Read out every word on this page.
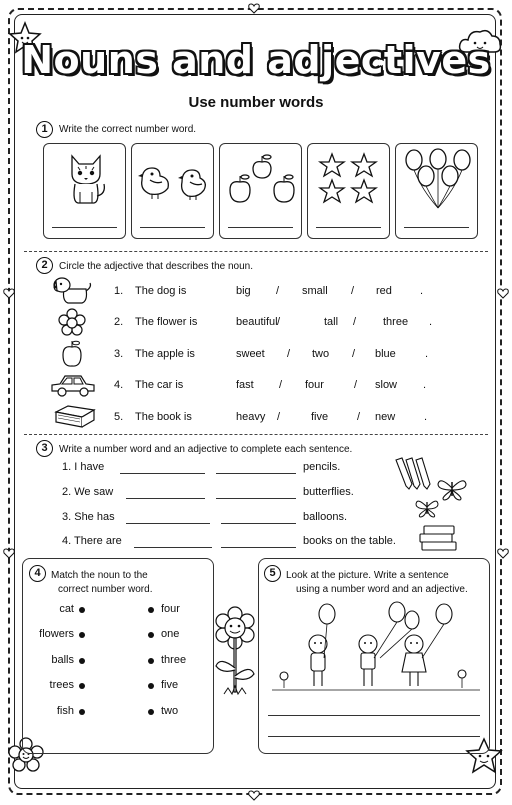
Nouns and adjectives
Use number words
1	Write the correct number word.
2	Circle the adjective that describes the noun.
1. The dog is	big / small / red	.
2. The flower is	beautiful /	tall / three .
3. The apple is	sweet / two / blue	.
4. The car is	fast / four	/ slow .
5. The book is	heavy /	five	/ new	.
3	Write a number word and an adjective to complete each sentence.
1. I have	pencils.
2. We saw	butterflies.
3. She has	balloons.
4. There are	books on the table.
4	Match the noun to the
correct number word.
cat	four
flowers	one
balls	three
trees	five
fish	two
5	Look at the picture. Write a sentence
using a number word and an adjective.
